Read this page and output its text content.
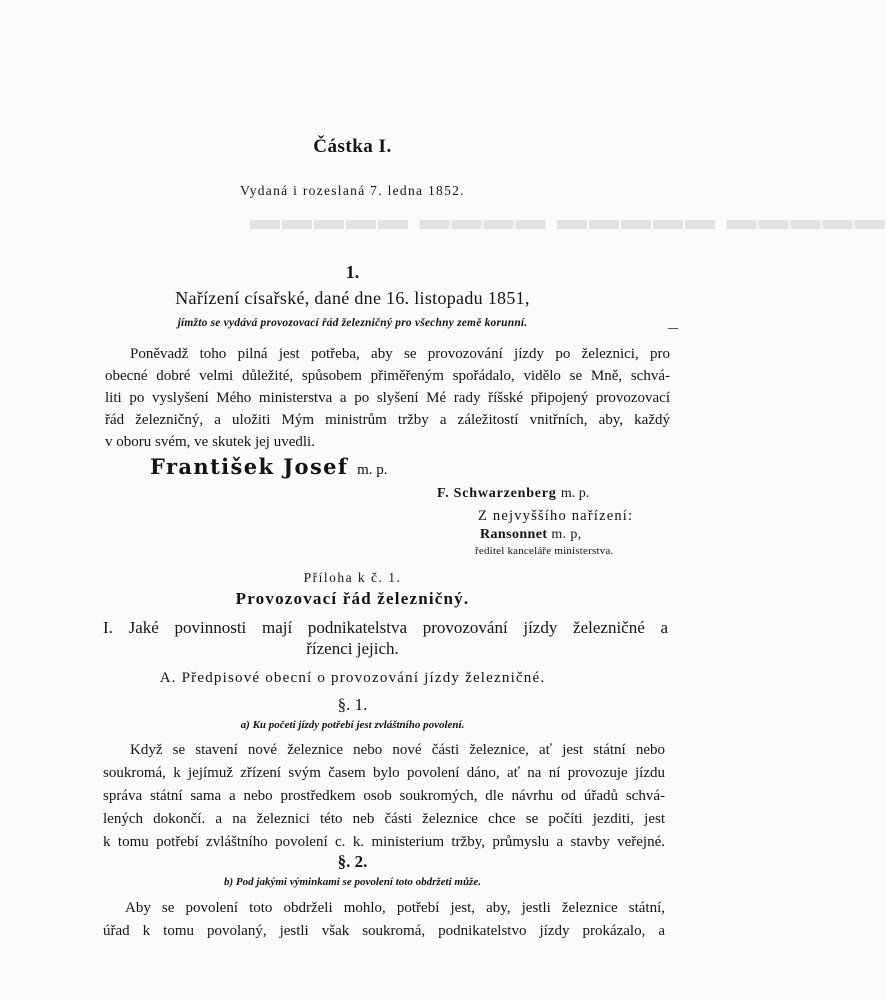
▬▬▬▬▬ ▬▬▬▬ ▬▬▬▬▬ ▬▬▬▬▬
Částka I.
Vydaná i rozeslaná 7. ledna 1852.
1.
Nařízení císařské, dané dne 16. listopadu 1851,
jímžto se vydává provozovací řád železničný pro všechny země korunní.
Poněvadž toho pilná jest potřeba, aby se provozování jízdy po železnici, pro
obecné dobré velmi důležité, spůsobem přiměřeným spořádalo, vidělo se Mně, schvá-
liti po vyslyšení Mého ministerstva a po slyšení Mé rady říšské připojený provozovací
řád železničný, a uložiti Mým ministrům tržby a záležitostí vnitřních, aby, každý
v oboru svém, ve skutek jej uvedli.
František Josef m. p.
F. Schwarzenberg m. p.
Z nejvyššího nařízení:
Ransonnet m. p,
ředitel kanceláře ministerstva.
Příloha k č. 1.
Provozovací řád železničný.
I. Jaké povinnosti mají podnikatelstva provozování jízdy železničné a
řízenci jejich.
A. Předpisové obecní o provozování jízdy železničné.
§. 1.
a) Ku početi jízdy potřebí jest zvláštního povolení.
Když se stavení nové železnice nebo nové části železnice, ať jest státní nebo
soukromá, k jejímuž zřízení svým časem bylo povolení dáno, ať na ní provozuje jízdu
správa státní sama a nebo prostředkem osob soukromých, dle návrhu od úřadů schvá-
lených dokončí. a na železnici této neb části železnice chce se počíti jezditi, jest
k tomu potřebí zvláštního povolení c. k. ministerium tržby, průmyslu a stavby veřejné.
§. 2.
b) Pod jakými výminkami se povolení toto obdržeti může.
Aby se povolení toto obdrželi mohlo, potřebí jest, aby, jestli železnice státní,
úřad k tomu povolaný, jestli však soukromá, podnikatelstvo jízdy prokázalo, a
